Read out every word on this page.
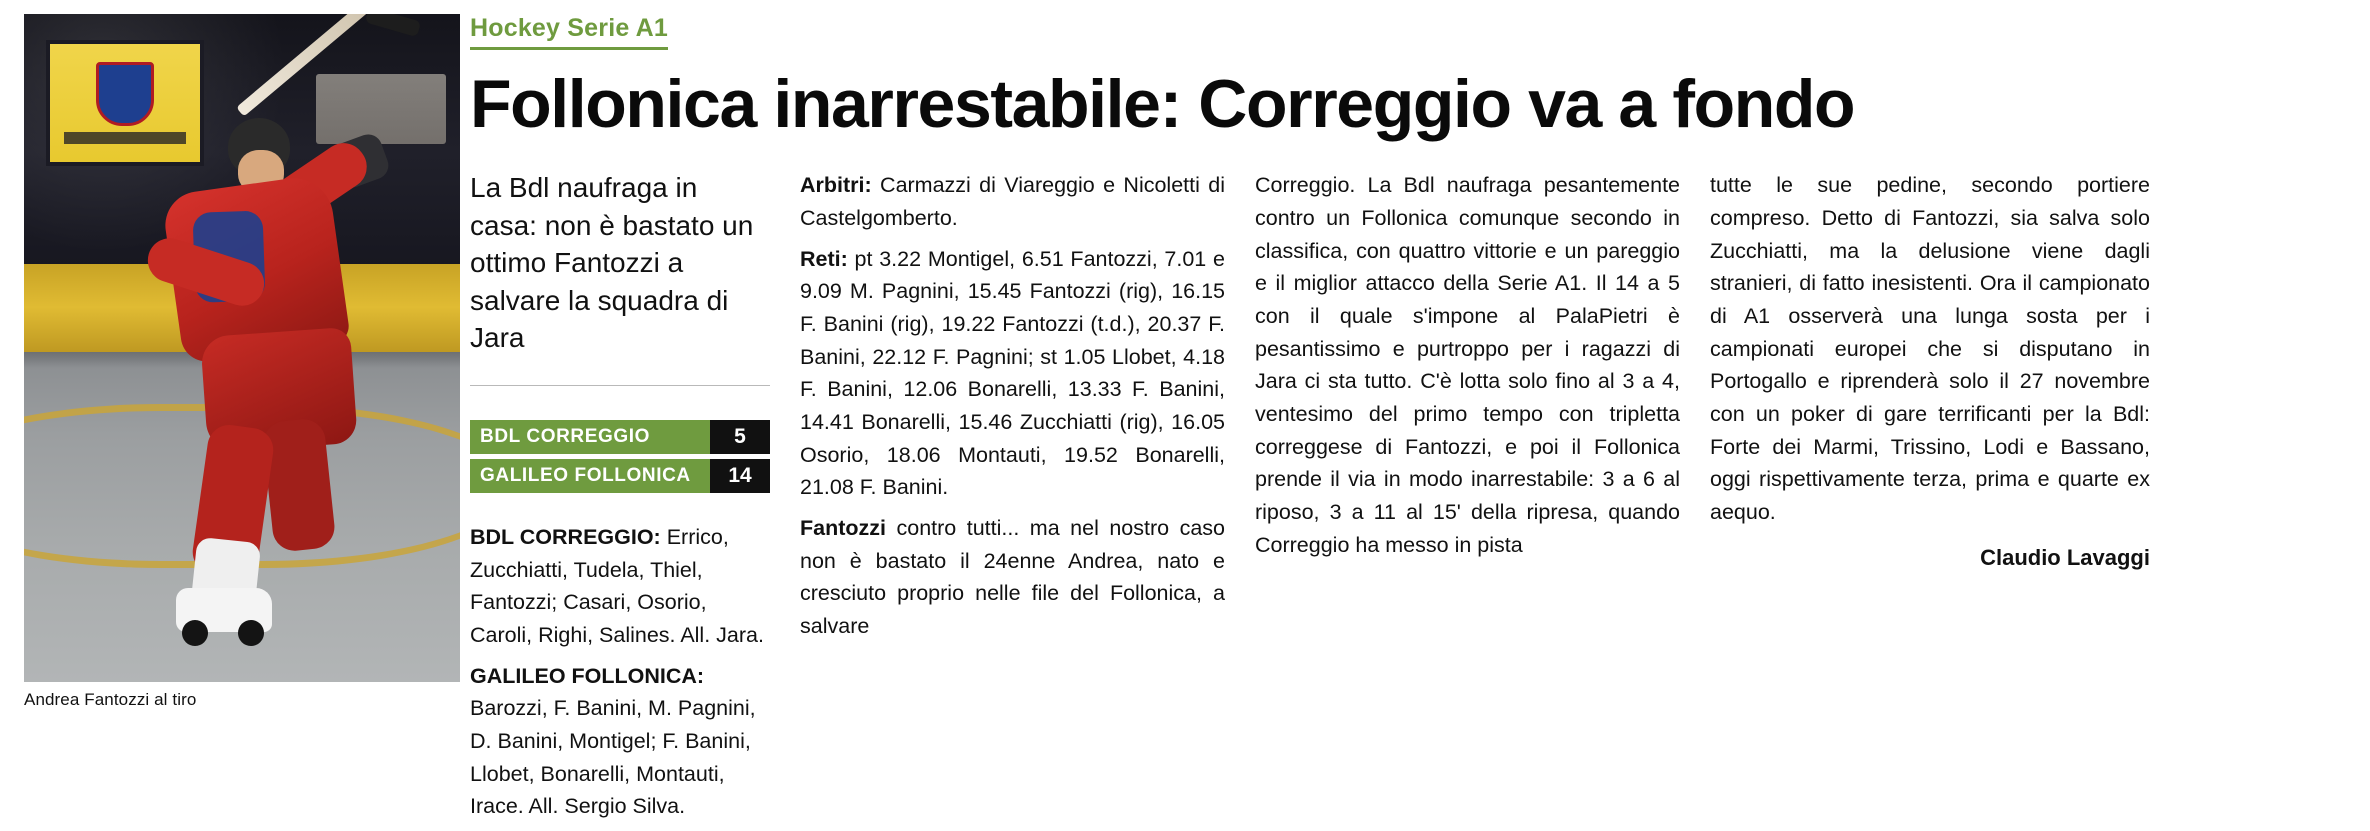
Andrea Fantozzi al tiro
Hockey Serie A1
Follonica inarrestabile: Correggio va a fondo

La Bdl naufraga in casa: non è bastato un ottimo Fantozzi a salvare la squadra di Jara

BDL CORREGGIO	5
GALILEO FOLLONICA	14

BDL CORREGGIO: Errico, Zucchiatti, Tudela, Thiel, Fantozzi; Casari, Osorio, Caroli, Righi, Salines. All. Jara.

GALILEO FOLLONICA: Barozzi, F. Banini, M. Pagnini, D. Banini, Montigel; F. Banini, Llobet, Bonarelli, Montauti, Irace. All. Sergio Silva.

Arbitri: Carmazzi di Viareggio e Nicoletti di Castelgomberto.

Reti: pt 3.22 Montigel, 6.51 Fantozzi, 7.01 e 9.09 M. Pagnini, 15.45 Fantozzi (rig), 16.15 F. Banini (rig), 19.22 Fantozzi (t.d.), 20.37 F. Banini, 22.12 F. Pagnini; st 1.05 Llobet, 4.18 F. Banini, 12.06 Bonarelli, 13.33 F. Banini, 14.41 Bonarelli, 15.46 Zucchiatti (rig), 16.05 Osorio, 18.06 Montauti, 19.52 Bonarelli, 21.08 F. Banini.

Fantozzi contro tutti... ma nel nostro caso non è bastato il 24enne Andrea, nato e cresciuto proprio nelle file del Follonica, a salvare

Correggio. La Bdl naufraga pesantemente contro un Follonica comunque secondo in classifica, con quattro vittorie e un pareggio e il miglior attacco della Serie A1. Il 14 a 5 con il quale s'impone al PalaPietri è pesantissimo e purtroppo per i ragazzi di Jara ci sta tutto. C'è lotta solo fino al 3 a 4, ventesimo del primo tempo con tripletta correggese di Fantozzi, e poi il Follonica prende il via in modo inarrestabile: 3 a 6 al riposo, 3 a 11 al 15' della ripresa, quando Correggio ha messo in pista

tutte le sue pedine, secondo portiere compreso. Detto di Fantozzi, sia salva solo Zucchiatti, ma la delusione viene dagli stranieri, di fatto inesistenti. Ora il campionato di A1 osserverà una lunga sosta per i campionati europei che si disputano in Portogallo e riprenderà solo il 27 novembre con un poker di gare terrificanti per la Bdl: Forte dei Marmi, Trissino, Lodi e Bassano, oggi rispettivamente terza, prima e quarte ex aequo.

Claudio Lavaggi
